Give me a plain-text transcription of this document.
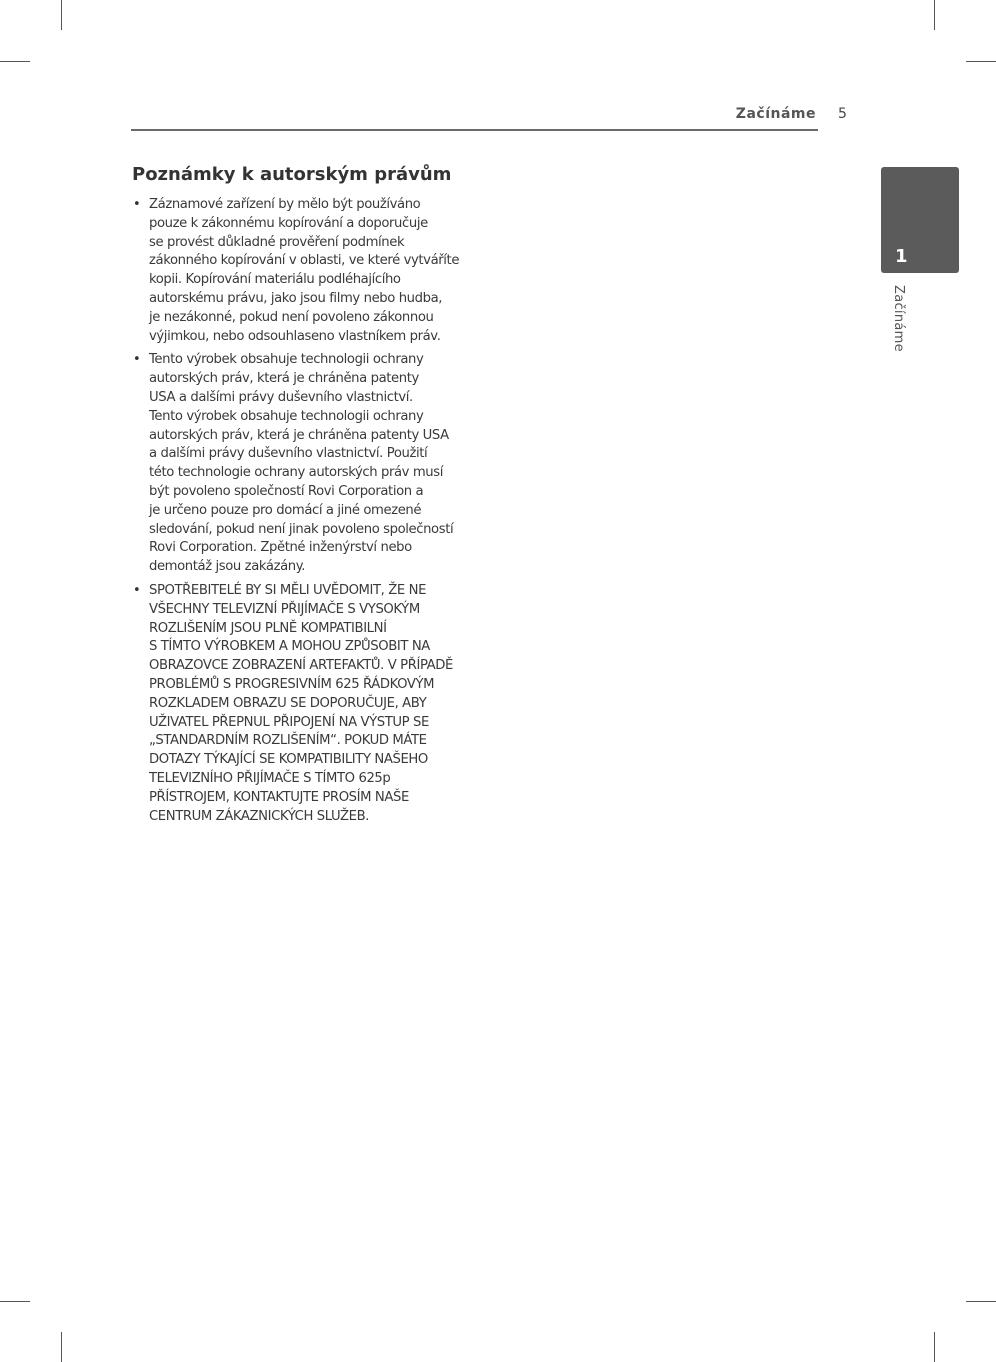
Začínáme 5
1
Začínáme
Poznámky k autorským právům
• Záznamové zařízení by mělo být používáno
pouze k zákonnému kopírování a doporučuje
se provést důkladné prověření podmínek
zákonného kopírování v oblasti, ve které vytváříte
kopii. Kopírování materiálu podléhajícího
autorskému právu, jako jsou filmy nebo hudba,
je nezákonné, pokud není povoleno zákonnou
výjimkou, nebo odsouhlaseno vlastníkem práv.
• Tento výrobek obsahuje technologii ochrany
autorských práv, která je chráněna patenty
USA a dalšími právy duševního vlastnictví.
Tento výrobek obsahuje technologii ochrany
autorských práv, která je chráněna patenty USA
a dalšími právy duševního vlastnictví. Použití
této technologie ochrany autorských práv musí
být povoleno společností Rovi Corporation a
je určeno pouze pro domácí a jiné omezené
sledování, pokud není jinak povoleno společností
Rovi Corporation. Zpětné inženýrství nebo
demontáž jsou zakázány.
• SPOTŘEBITELÉ BY SI MĚLI UVĚDOMIT, ŽE NE
VŠECHNY TELEVIZNÍ PŘIJÍMAČE S VYSOKÝM
ROZLIŠENÍM JSOU PLNĚ KOMPATIBILNÍ
S TÍMTO VÝROBKEM A MOHOU ZPŮSOBIT NA
OBRAZOVCE ZOBRAZENÍ ARTEFAKTŮ. V PŘÍPADĚ
PROBLÉMŮ S PROGRESIVNÍM 625 ŘÁDKOVÝM
ROZKLADEM OBRAZU SE DOPORUČUJE, ABY
UŽIVATEL PŘEPNUL PŘIPOJENÍ NA VÝSTUP SE
„STANDARDNÍM ROZLIŠENÍM“. POKUD MÁTE
DOTAZY TÝKAJÍCÍ SE KOMPATIBILITY NAŠEHO
TELEVIZNÍHO PŘIJÍMAČE S TÍMTO 625p
PŘÍSTROJEM, KONTAKTUJTE PROSÍM NAŠE
CENTRUM ZÁKAZNICKÝCH SLUŽEB.
